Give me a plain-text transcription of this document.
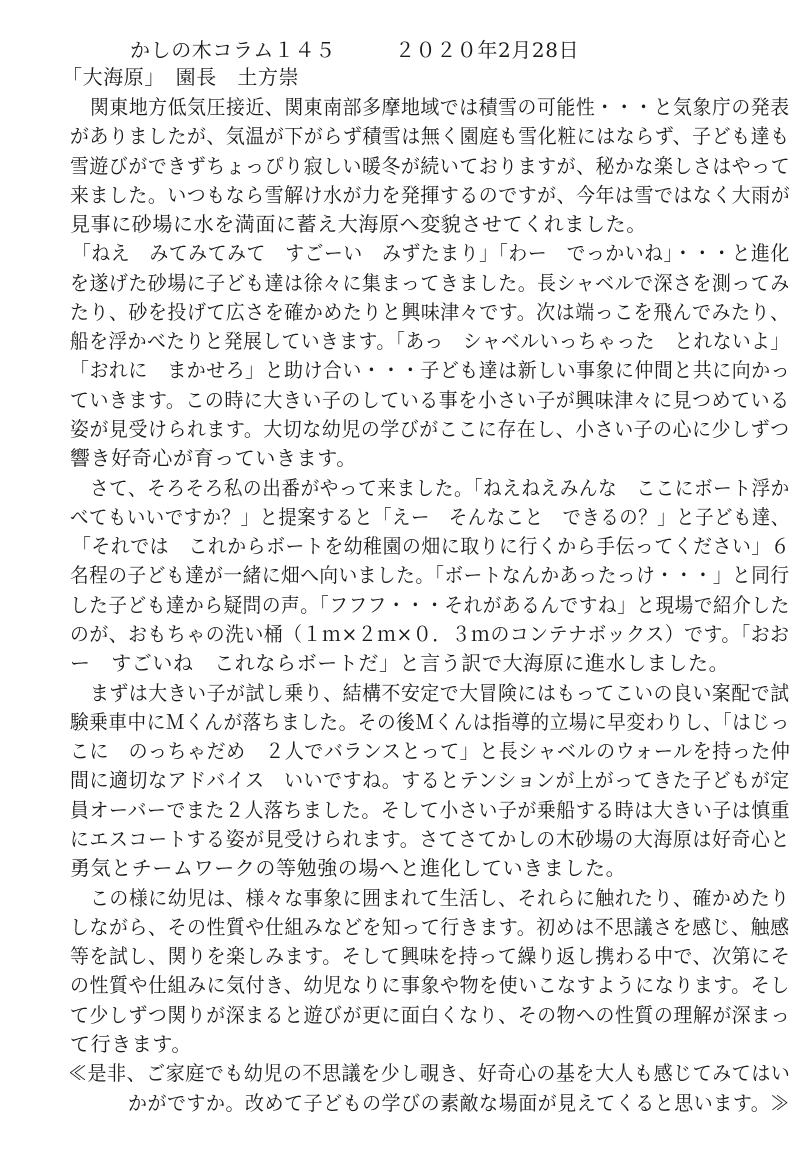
かしの木コラム１４５	２０２０年2月28日
「大海原」　園長　土方崇
関東地方低気圧接近、関東南部多摩地域では積雪の可能性・・・と気象庁の発表
がありましたが、気温が下がらず積雪は無く園庭も雪化粧にはならず、子ども達も
雪遊びができずちょっぴり寂しい暖冬が続いておりますが、秘かな楽しさはやって
来ました。いつもなら雪解け水が力を発揮するのですが、今年は雪ではなく大雨が
見事に砂場に水を満面に蓄え大海原へ変貌させてくれました。
「ねえ　みてみてみて　すごーい　みずたまり」「わー　でっかいね」・・・と進化
を遂げた砂場に子ども達は徐々に集まってきました。長シャベルで深さを測ってみ
たり、砂を投げて広さを確かめたりと興味津々です。次は端っこを飛んでみたり、
船を浮かべたりと発展していきます。「あっ　シャベルいっちゃった　とれないよ」
「おれに　まかせろ」と助け合い・・・子ども達は新しい事象に仲間と共に向かっ
ていきます。この時に大きい子のしている事を小さい子が興味津々に見つめている
姿が見受けられます。大切な幼児の学びがここに存在し、小さい子の心に少しずつ
響き好奇心が育っていきます。
さて、そろそろ私の出番がやって来ました。「ねえねえみんな　ここにボート浮か
べてもいいですか？」と提案すると「えー　そんなこと　できるの？」と子ども達、
「それでは　これからボートを幼稚園の畑に取りに行くから手伝ってください」６
名程の子ども達が一緒に畑へ向いました。「ボートなんかあったっけ・・・」と同行
した子ども達から疑問の声。「フフフ・・・それがあるんですね」と現場で紹介した
のが、おもちゃの洗い桶（１ｍ×２ｍ×０．３ｍのコンテナボックス）です。「おお
ー　すごいね　これならボートだ」と言う訳で大海原に進水しました。
まずは大きい子が試し乗り、結構不安定で大冒険にはもってこいの良い案配で試
験乗車中にＭくんが落ちました。その後Ｍくんは指導的立場に早変わりし、「はじっ
こに　のっちゃだめ　２人でバランスとって」と長シャベルのウォールを持った仲
間に適切なアドバイス　いいですね。するとテンションが上がってきた子どもが定
員オーバーでまた２人落ちました。そして小さい子が乗船する時は大きい子は慎重
にエスコートする姿が見受けられます。さてさてかしの木砂場の大海原は好奇心と
勇気とチームワークの等勉強の場へと進化していきました。
この様に幼児は、様々な事象に囲まれて生活し、それらに触れたり、確かめたり
しながら、その性質や仕組みなどを知って行きます。初めは不思議さを感じ、触感
等を試し、関りを楽しみます。そして興味を持って繰り返し携わる中で、次第にそ
の性質や仕組みに気付き、幼児なりに事象や物を使いこなすようになります。そし
て少しずつ関りが深まると遊びが更に面白くなり、その物への性質の理解が深まっ
て行きます。
≪是非、ご家庭でも幼児の不思議を少し覗き、好奇心の基を大人も感じてみてはい
かがですか。改めて子どもの学びの素敵な場面が見えてくると思います。≫
